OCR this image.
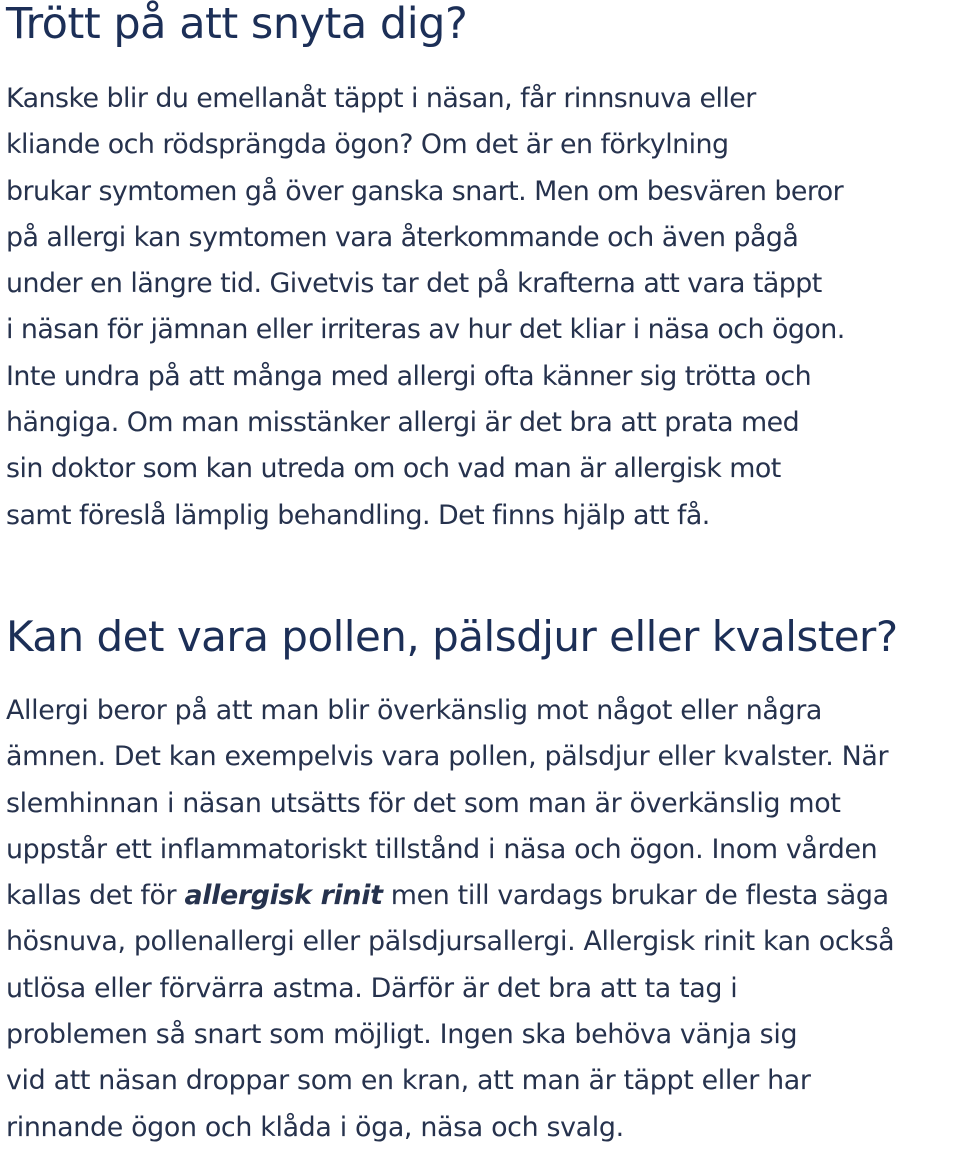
Trött på att snyta dig?
Kanske blir du emellanåt täppt i näsan, får rinnsnuva eller
kliande och rödsprängda ögon? Om det är en förkylning
brukar symtomen gå över ganska snart. Men om besvären beror
på allergi kan symtomen vara återkommande och även pågå
under en längre tid. Givetvis tar det på krafterna att vara täppt
i näsan för jämnan eller irriteras av hur det kliar i näsa och ögon.
Inte undra på att många med allergi ofta känner sig trötta och
hängiga. Om man misstänker allergi är det bra att prata med
sin doktor som kan utreda om och vad man är allergisk mot
samt föreslå lämplig behandling. Det finns hjälp att få.
Kan det vara pollen, pälsdjur eller kvalster?
Allergi beror på att man blir överkänslig mot något eller några
ämnen. Det kan exempelvis vara pollen, pälsdjur eller kvalster. När
slemhinnan i näsan utsätts för det som man är överkänslig mot
uppstår ett inflammatoriskt tillstånd i näsa och ögon. Inom vården
kallas det för allergisk rinit men till vardags brukar de flesta säga
hösnuva, pollenallergi eller pälsdjursallergi. Allergisk rinit kan också
utlösa eller förvärra astma. Därför är det bra att ta tag i
problemen så snart som möjligt. Ingen ska behöva vänja sig
vid att näsan droppar som en kran, att man är täppt eller har
rinnande ögon och klåda i öga, näsa och svalg.
